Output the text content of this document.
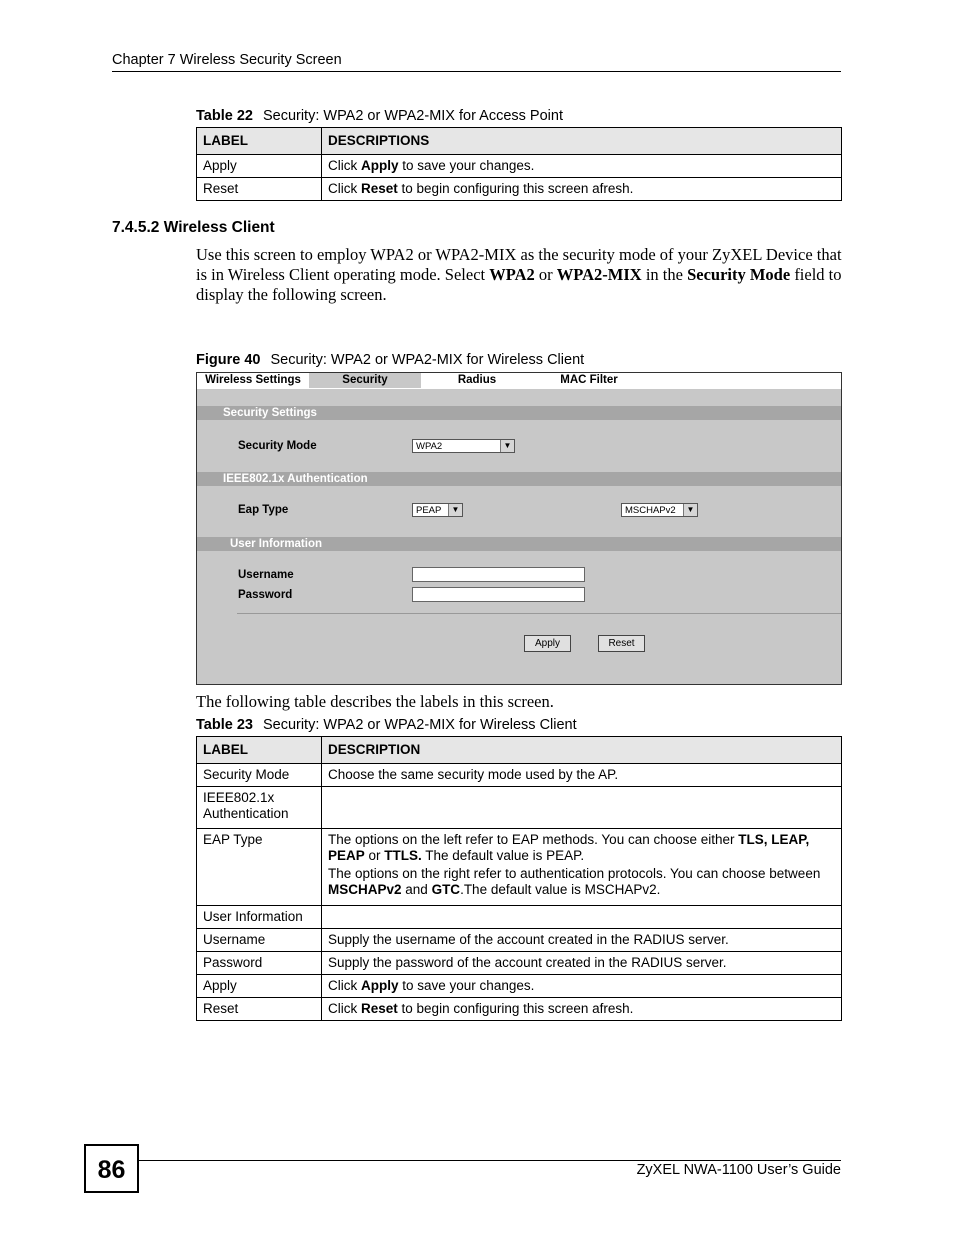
Chapter 7 Wireless Security Screen
Table 22 Security: WPA2 or WPA2-MIX for Access Point
LABEL	DESCRIPTIONS
Apply	Click Apply to save your changes.
Reset	Click Reset to begin configuring this screen afresh.
7.4.5.2 Wireless Client
Use this screen to employ WPA2 or WPA2-MIX as the security mode of your ZyXEL Device that is in Wireless Client operating mode. Select WPA2 or WPA2-MIX in the Security Mode field to display the following screen.
Figure 40 Security: WPA2 or WPA2-MIX for Wireless Client
Wireless Settings	Security	Radius	MAC Filter
Security Settings
Security Mode	WPA2	▼
IEEE802.1x Authentication
Eap Type	PEAP	▼	MSCHAPv2	▼
User Information
Username
Password
Apply	Reset
The following table describes the labels in this screen.
Table 23 Security: WPA2 or WPA2-MIX for Wireless Client
LABEL	DESCRIPTION
Security Mode	Choose the same security mode used by the AP.
IEEE802.1x
Authentication	
EAP Type	The options on the left refer to EAP methods. You can choose either TLS, LEAP, PEAP or TTLS. The default value is PEAP.
The options on the right refer to authentication protocols. You can choose between MSCHAPv2 and GTC.The default value is MSCHAPv2.

User Information	
Username	Supply the username of the account created in the RADIUS server.
Password	Supply the password of the account created in the RADIUS server.
Apply	Click Apply to save your changes.
Reset	Click Reset to begin configuring this screen afresh.
86	ZyXEL NWA-1100 User’s Guide
